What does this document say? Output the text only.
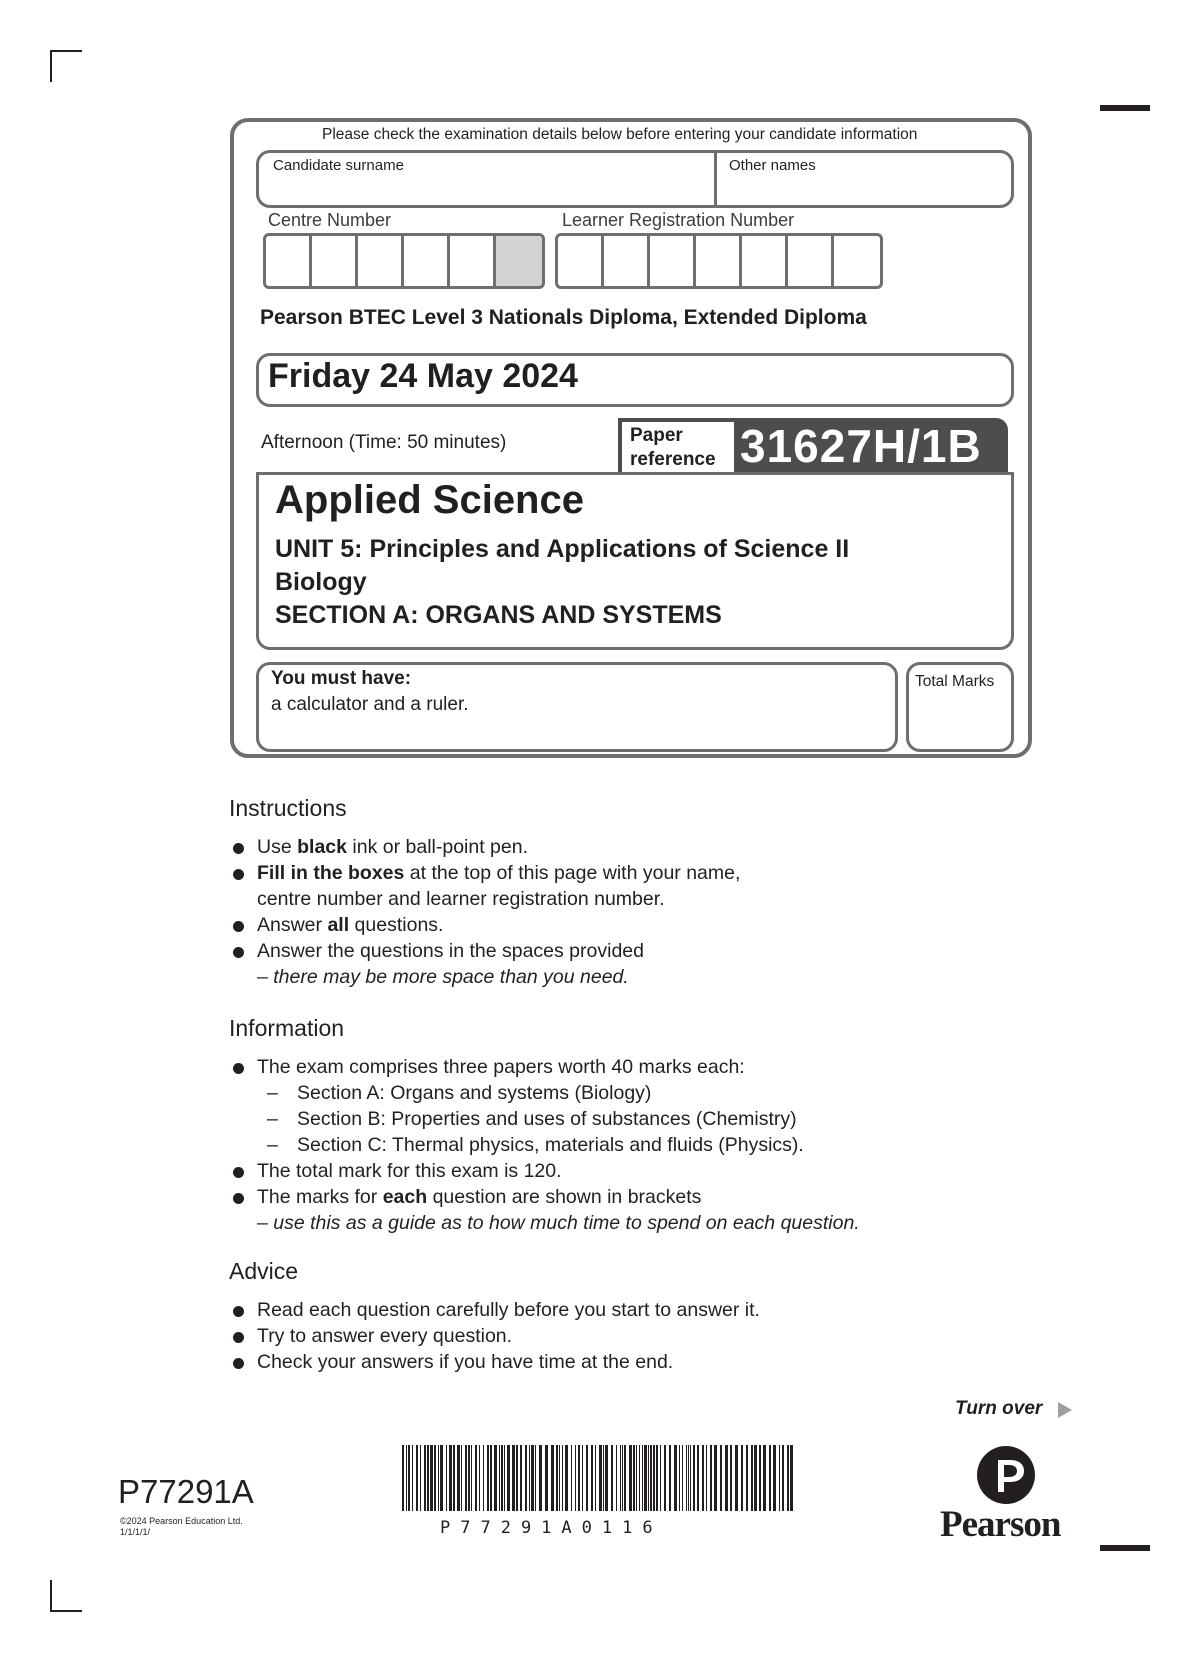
Please check the examination details below before entering your candidate information
Candidate surname	Other names
Centre Number	Learner Registration Number
Pearson BTEC Level 3 Nationals Diploma, Extended Diploma
Friday 24 May 2024
Afternoon (Time: 50 minutes)	Paper
reference 31627H/1B
Applied Science
UNIT 5: Principles and Applications of Science II
Biology
SECTION A: ORGANS AND SYSTEMS
You must have:
a calculator and a ruler.
Total Marks
Instructions
Use black ink or ball-point pen.
Fill in the boxes at the top of this page with your name,
centre number and learner registration number.
Answer all questions.
Answer the questions in the spaces provided
– there may be more space than you need.
Information
The exam comprises three papers worth 40 marks each:
– Section A: Organs and systems (Biology)
– Section B: Properties and uses of substances (Chemistry)
– Section C: Thermal physics, materials and fluids (Physics).
The total mark for this exam is 120.
The marks for each question are shown in brackets
– use this as a guide as to how much time to spend on each question.
Advice
Read each question carefully before you start to answer it.
Try to answer every question.
Check your answers if you have time at the end.
Turn over
P77291A
©2024 Pearson Education Ltd.
1/1/1/1/	P77291A0116	Pearson
